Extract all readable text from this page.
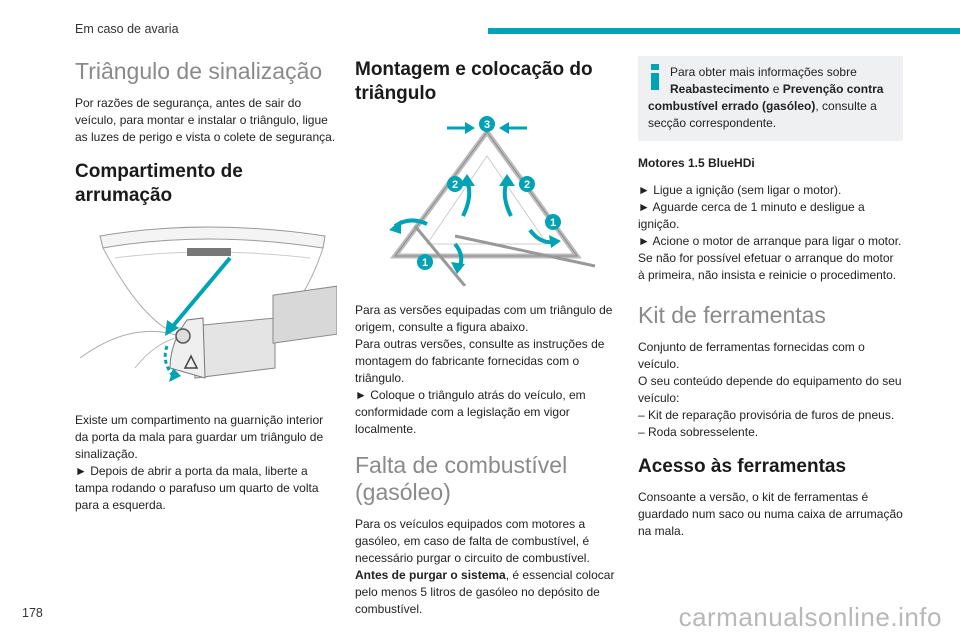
Em caso de avaria
Triângulo de sinalização

Por razões de segurança, antes de sair do veículo, para montar e instalar o triângulo, ligue as luzes de perigo e vista o colete de segurança.

Compartimento de arrumação

Existe um compartimento na guarnição interior da porta da mala para guardar um triângulo de sinalização.

► Depois de abrir a porta da mala, liberte a tampa rodando o parafuso um quarto de volta para a esquerda.

Montagem e colocação do triângulo
3
2	2
1
1

Para as versões equipadas com um triângulo de origem, consulte a figura abaixo.

Para outras versões, consulte as instruções de montagem do fabricante fornecidas com o triângulo.

► Coloque o triângulo atrás do veículo, em conformidade com a legislação em vigor localmente.

Falta de combustível (gasóleo)

Para os veículos equipados com motores a gasóleo, em caso de falta de combustível, é necessário purgar o circuito de combustível.

Antes de purgar o sistema, é essencial colocar pelo menos 5 litros de gasóleo no depósito de combustível.

Para obter mais informações sobre
Reabastecimento e Prevenção contra
combustível errado (gasóleo), consulte a secção correspondente.

Motores 1.5 BlueHDi

► Ligue a ignição (sem ligar o motor).

► Aguarde cerca de 1 minuto e desligue a ignição.

► Acione o motor de arranque para ligar o motor.

Se não for possível efetuar o arranque do motor à primeira, não insista e reinicie o procedimento.

Kit de ferramentas

Conjunto de ferramentas fornecidas com o veículo.

O seu conteúdo depende do equipamento do seu veículo:

– Kit de reparação provisória de furos de pneus.

– Roda sobresselente.

Acesso às ferramentas

Consoante a versão, o kit de ferramentas é guardado num saco ou numa caixa de arrumação na mala.

178	carmanualsonline.info
